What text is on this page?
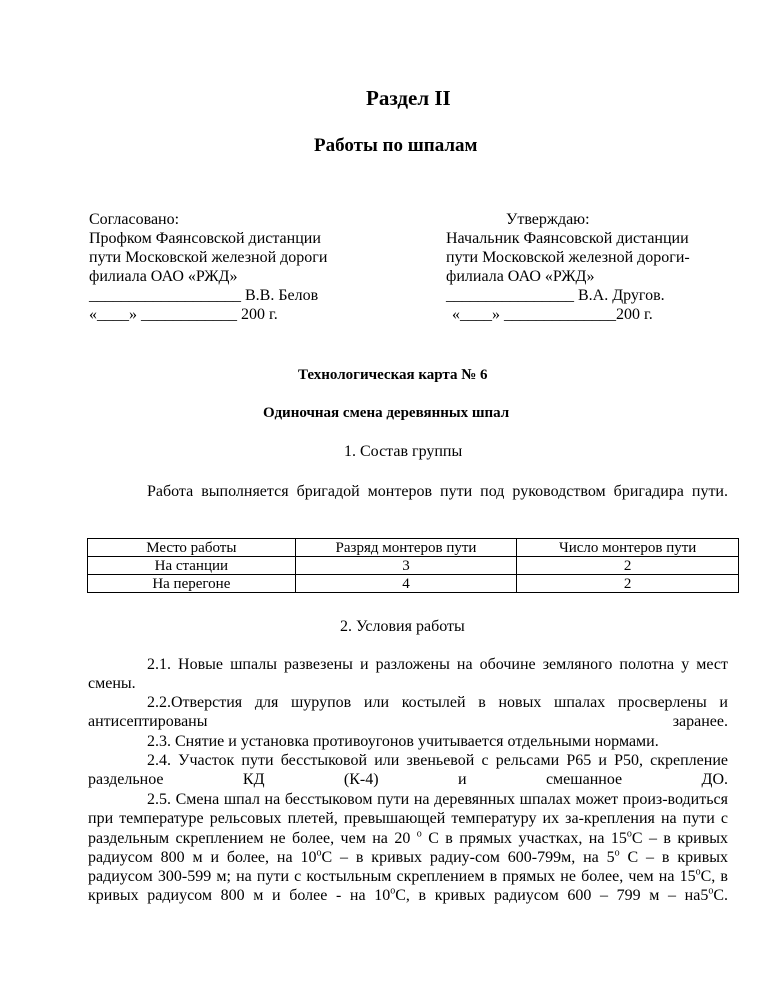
Раздел II
Работы по шпалам
Согласовано:
Профком Фаянсовской дистанции
пути Московской железной дороги
филиала ОАО «РЖД»
___________________ В.В. Белов
«____» ____________ 200 г.
Утверждаю:
Начальник Фаянсовской дистанции
пути Московской железной дороги-
филиала ОАО «РЖД»
________________ В.А. Другов.
«____» ______________200 г.
Технологическая карта № 6
Одиночная смена деревянных шпал
1. Состав группы
Работа выполняется бригадой монтеров пути под руководством бригадира пути.
Место работы	Разряд монтеров пути	Число монтеров пути
На станции	3	2
На перегоне	4	2
2. Условия работы
2.1. Новые шпалы развезены и разложены на обочине земляного полотна у мест смены.
2.2.Отверстия для шурупов или костылей в новых шпалах просверлены и антисептированы заранее.
2.3. Снятие и установка противоугонов учитывается отдельными нормами.
2.4. Участок пути бесстыковой или звеньевой с рельсами Р65 и Р50, скрепление раздельное КД (К-4) и смешанное ДО.
2.5. Смена шпал на бесстыковом пути на деревянных шпалах может произ-водиться при температуре рельсовых плетей, превышающей температуру их за-крепления на пути с раздельным скреплением не более, чем на 20 $^о$ С в прямых участках, на $15^оС$ – в кривых радиусом 800 м и более, на $10^оС$ – в кривых радиу-сом 600-799м, на $5^о$ С – в кривых радиусом 300-599 м; на пути с костыльным скреплением в прямых не более, чем на $15^оС$, в кривых радиусом 800 м и более - на $10^оС$, в кривых радиусом 600 – 799 м – $на5^оС$.
